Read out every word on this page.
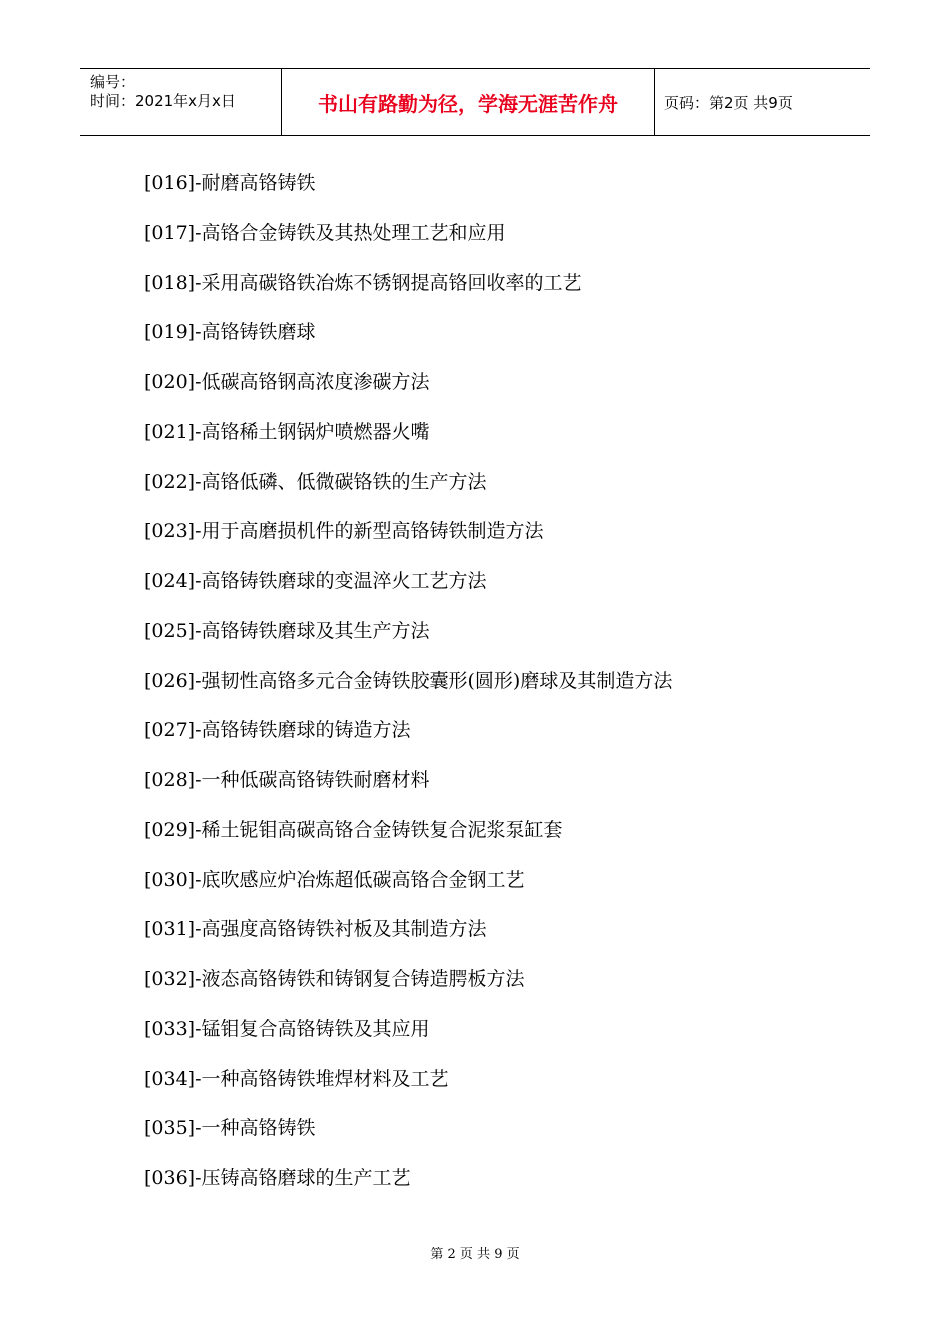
编号：
时间：2021年x月x日	书山有路勤为径，学海无涯苦作舟	页码：第2页 共9页
[016]-耐磨高铬铸铁
[017]-高铬合金铸铁及其热处理工艺和应用
[018]-采用高碳铬铁冶炼不锈钢提高铬回收率的工艺
[019]-高铬铸铁磨球
[020]-低碳高铬钢高浓度渗碳方法
[021]-高铬稀土钢锅炉喷燃器火嘴
[022]-高铬低磷、低微碳铬铁的生产方法
[023]-用于高磨损机件的新型高铬铸铁制造方法
[024]-高铬铸铁磨球的变温淬火工艺方法
[025]-高铬铸铁磨球及其生产方法
[026]-强韧性高铬多元合金铸铁胶囊形(圆形)磨球及其制造方法
[027]-高铬铸铁磨球的铸造方法
[028]-一种低碳高铬铸铁耐磨材料
[029]-稀土铌钼高碳高铬合金铸铁复合泥浆泵缸套
[030]-底吹感应炉冶炼超低碳高铬合金钢工艺
[031]-高强度高铬铸铁衬板及其制造方法
[032]-液态高铬铸铁和铸钢复合铸造腭板方法
[033]-锰钼复合高铬铸铁及其应用
[034]-一种高铬铸铁堆焊材料及工艺
[035]-一种高铬铸铁
[036]-压铸高铬磨球的生产工艺
第 2 页 共 9 页
